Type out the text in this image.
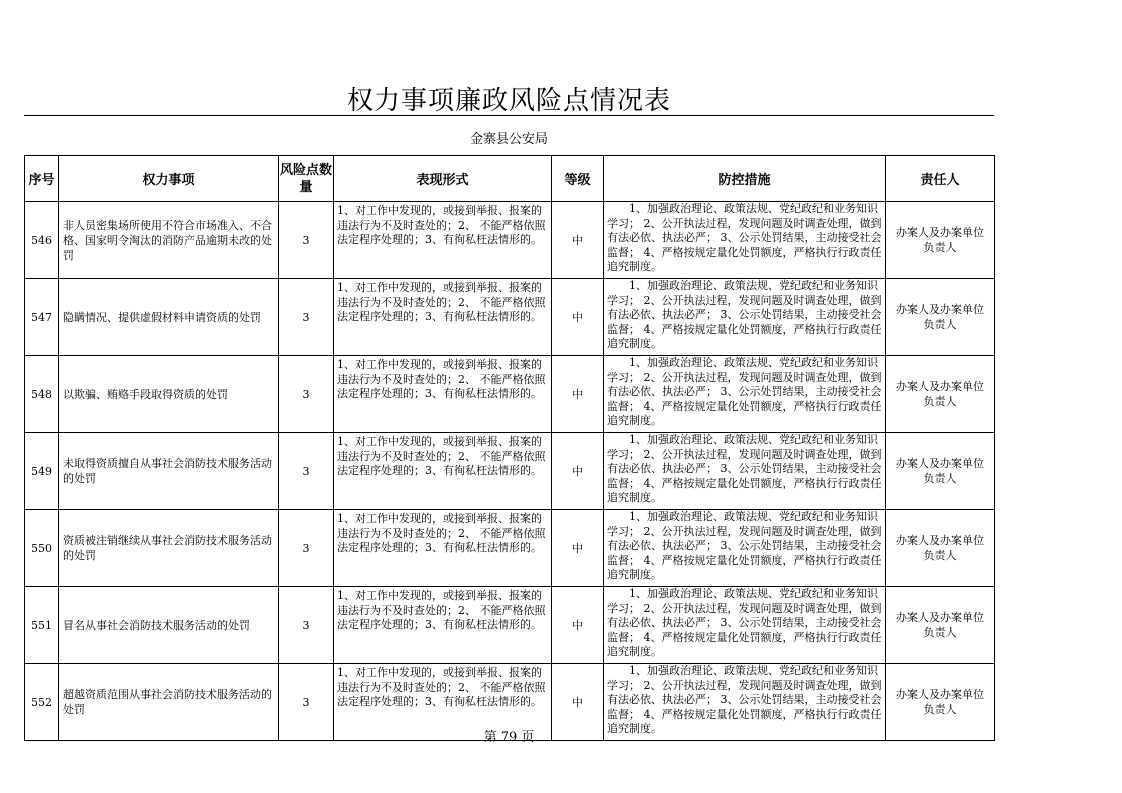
权力事项廉政风险点情况表
金寨县公安局
序号	权力事项	风险点数量	表现形式	等级	防控措施	责任人
546	非人员密集场所使用不符合市场准入、不合格、国家明令淘汰的消防产品逾期未改的处罚	3	1、对工作中发现的，或接到举报、报案的违法行为不及时查处的；2、 不能严格依照法定程序处理的；3、有徇私枉法情形的。	中	　　1、加强政治理论、政策法规、党纪政纪和业务知识学习； 2、公开执法过程，发现问题及时调查处理，做到有法必依、执法必严； 3、公示处罚结果，主动接受社会监督； 4、严格按规定量化处罚额度，严格执行行政责任追究制度。	办案人及办案单位负责人
547	隐瞒情况、提供虚假材料申请资质的处罚	3	1、对工作中发现的，或接到举报、报案的违法行为不及时查处的；2、 不能严格依照法定程序处理的；3、有徇私枉法情形的。	中	　　1、加强政治理论、政策法规、党纪政纪和业务知识学习； 2、公开执法过程，发现问题及时调查处理，做到有法必依、执法必严； 3、公示处罚结果，主动接受社会监督； 4、严格按规定量化处罚额度，严格执行行政责任追究制度。	办案人及办案单位负责人
548	以欺骗、贿赂手段取得资质的处罚	3	1、对工作中发现的，或接到举报、报案的违法行为不及时查处的；2、 不能严格依照法定程序处理的；3、有徇私枉法情形的。	中	　　1、加强政治理论、政策法规、党纪政纪和业务知识学习； 2、公开执法过程，发现问题及时调查处理，做到有法必依、执法必严； 3、公示处罚结果，主动接受社会监督； 4、严格按规定量化处罚额度，严格执行行政责任追究制度。	办案人及办案单位负责人
549	未取得资质擅自从事社会消防技术服务活动的处罚	3	1、对工作中发现的，或接到举报、报案的违法行为不及时查处的；2、 不能严格依照法定程序处理的；3、有徇私枉法情形的。	中	　　1、加强政治理论、政策法规、党纪政纪和业务知识学习； 2、公开执法过程，发现问题及时调查处理，做到有法必依、执法必严； 3、公示处罚结果，主动接受社会监督； 4、严格按规定量化处罚额度，严格执行行政责任追究制度。	办案人及办案单位负责人
550	资质被注销继续从事社会消防技术服务活动的处罚	3	1、对工作中发现的，或接到举报、报案的违法行为不及时查处的；2、 不能严格依照法定程序处理的；3、有徇私枉法情形的。	中	　　1、加强政治理论、政策法规、党纪政纪和业务知识学习； 2、公开执法过程，发现问题及时调查处理，做到有法必依、执法必严； 3、公示处罚结果，主动接受社会监督； 4、严格按规定量化处罚额度，严格执行行政责任追究制度。	办案人及办案单位负责人
551	冒名从事社会消防技术服务活动的处罚	3	1、对工作中发现的，或接到举报、报案的违法行为不及时查处的；2、 不能严格依照法定程序处理的；3、有徇私枉法情形的。	中	　　1、加强政治理论、政策法规、党纪政纪和业务知识学习； 2、公开执法过程，发现问题及时调查处理，做到有法必依、执法必严； 3、公示处罚结果，主动接受社会监督； 4、严格按规定量化处罚额度，严格执行行政责任追究制度。	办案人及办案单位负责人
552	超越资质范围从事社会消防技术服务活动的处罚	3	1、对工作中发现的，或接到举报、报案的违法行为不及时查处的；2、 不能严格依照法定程序处理的；3、有徇私枉法情形的。	中	　　1、加强政治理论、政策法规、党纪政纪和业务知识学习； 2、公开执法过程，发现问题及时调查处理，做到有法必依、执法必严； 3、公示处罚结果，主动接受社会监督； 4、严格按规定量化处罚额度，严格执行行政责任追究制度。	办案人及办案单位负责人
第 79 页
